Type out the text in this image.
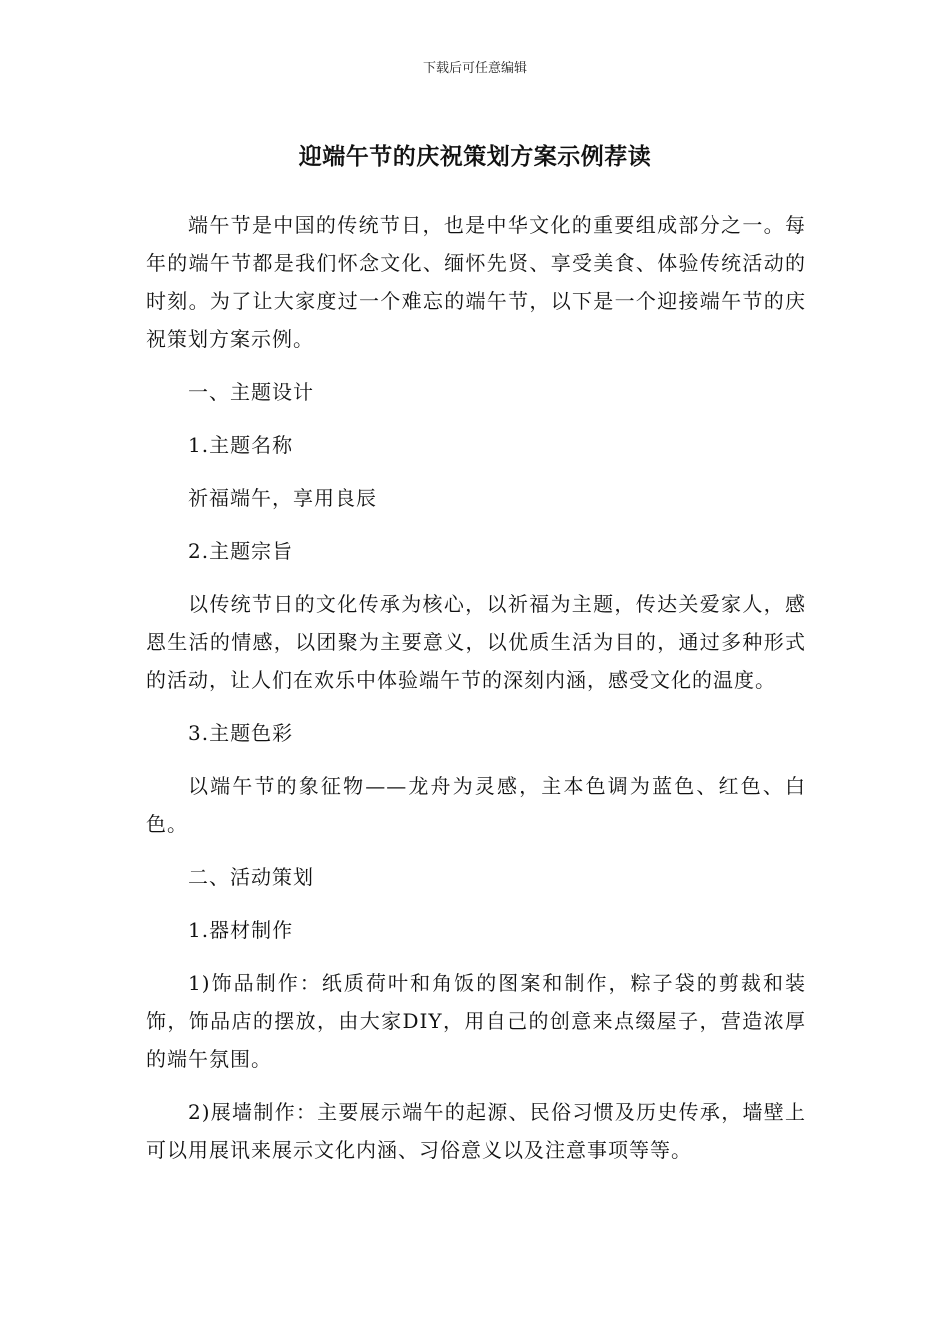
下载后可任意编辑
迎端午节的庆祝策划方案示例荐读

端午节是中国的传统节日，也是中华文化的重要组成部分之一。每年的端午节都是我们怀念文化、缅怀先贤、享受美食、体验传统活动的时刻。为了让大家度过一个难忘的端午节，以下是一个迎接端午节的庆祝策划方案示例。

一、主题设计

1.主题名称

祈福端午，享用良辰

2.主题宗旨

以传统节日的文化传承为核心，以祈福为主题，传达关爱家人，感恩生活的情感，以团聚为主要意义，以优质生活为目的，通过多种形式的活动，让人们在欢乐中体验端午节的深刻内涵，感受文化的温度。

3.主题色彩

以端午节的象征物——龙舟为灵感，主本色调为蓝色、红色、白色。

二、活动策划

1.器材制作

1)饰品制作：纸质荷叶和角饭的图案和制作，粽子袋的剪裁和装饰，饰品店的摆放，由大家DIY，用自己的创意来点缀屋子，营造浓厚的端午氛围。

2)展墙制作：主要展示端午的起源、民俗习惯及历史传承，墙壁上可以用展讯来展示文化内涵、习俗意义以及注意事项等等。
